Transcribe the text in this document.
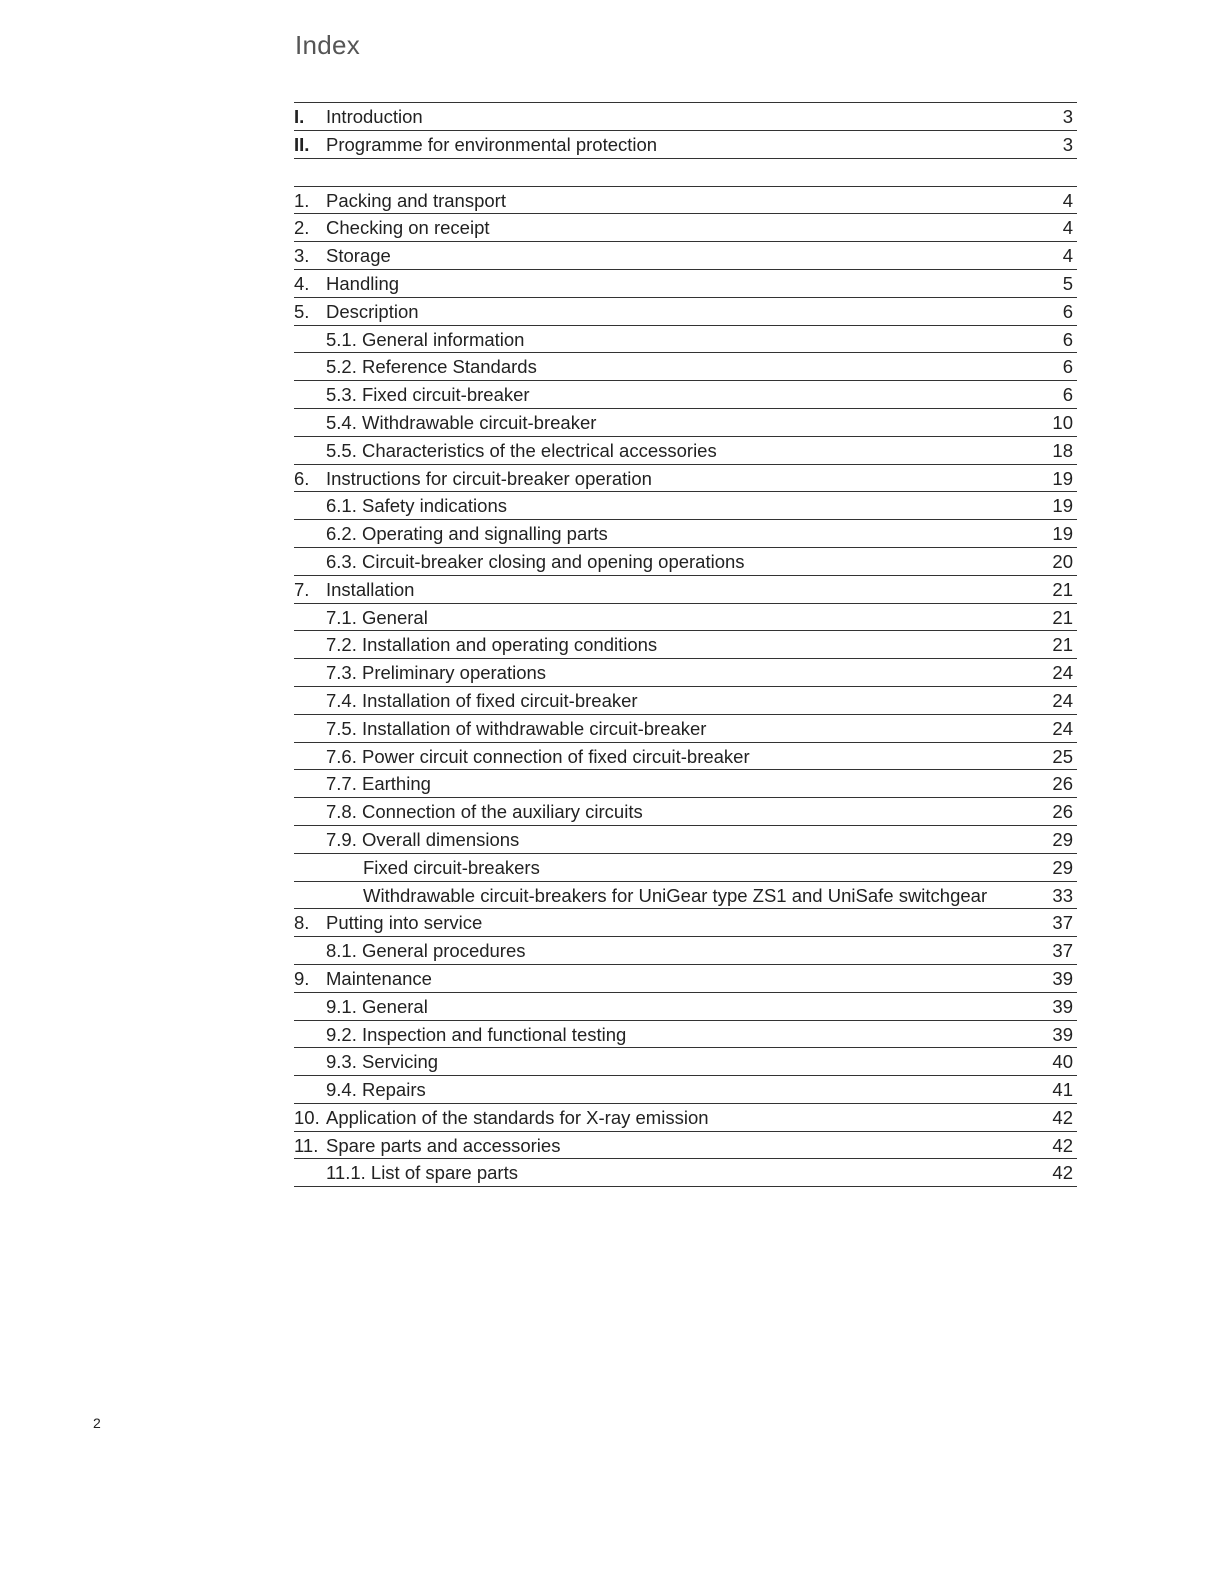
Index
I. Introduction	3
II. Programme for environmental protection	3
1. Packing and transport	4
2. Checking on receipt	4
3. Storage	4
4. Handling	5
5. Description	6
5.1. General information	6
5.2. Reference Standards	6
5.3. Fixed circuit-breaker	6
5.4. Withdrawable circuit-breaker	10
5.5. Characteristics of the electrical accessories	18
6. Instructions for circuit-breaker operation	19
6.1. Safety indications	19
6.2. Operating and signalling parts	19
6.3. Circuit-breaker closing and opening operations	20
7. Installation	21
7.1. General	21
7.2. Installation and operating conditions	21
7.3. Preliminary operations	24
7.4. Installation of fixed circuit-breaker	24
7.5. Installation of withdrawable circuit-breaker	24
7.6. Power circuit connection of fixed circuit-breaker	25
7.7. Earthing	26
7.8. Connection of the auxiliary circuits	26
7.9. Overall dimensions	29
Fixed circuit-breakers	29
Withdrawable circuit-breakers for UniGear type ZS1 and UniSafe switchgear	33
8. Putting into service	37
8.1. General procedures	37
9. Maintenance	39
9.1. General	39
9.2. Inspection and functional testing	39
9.3. Servicing	40
9.4. Repairs	41
10. Application of the standards for X-ray emission	42
11. Spare parts and accessories	42
11.1. List of spare parts	42
2
